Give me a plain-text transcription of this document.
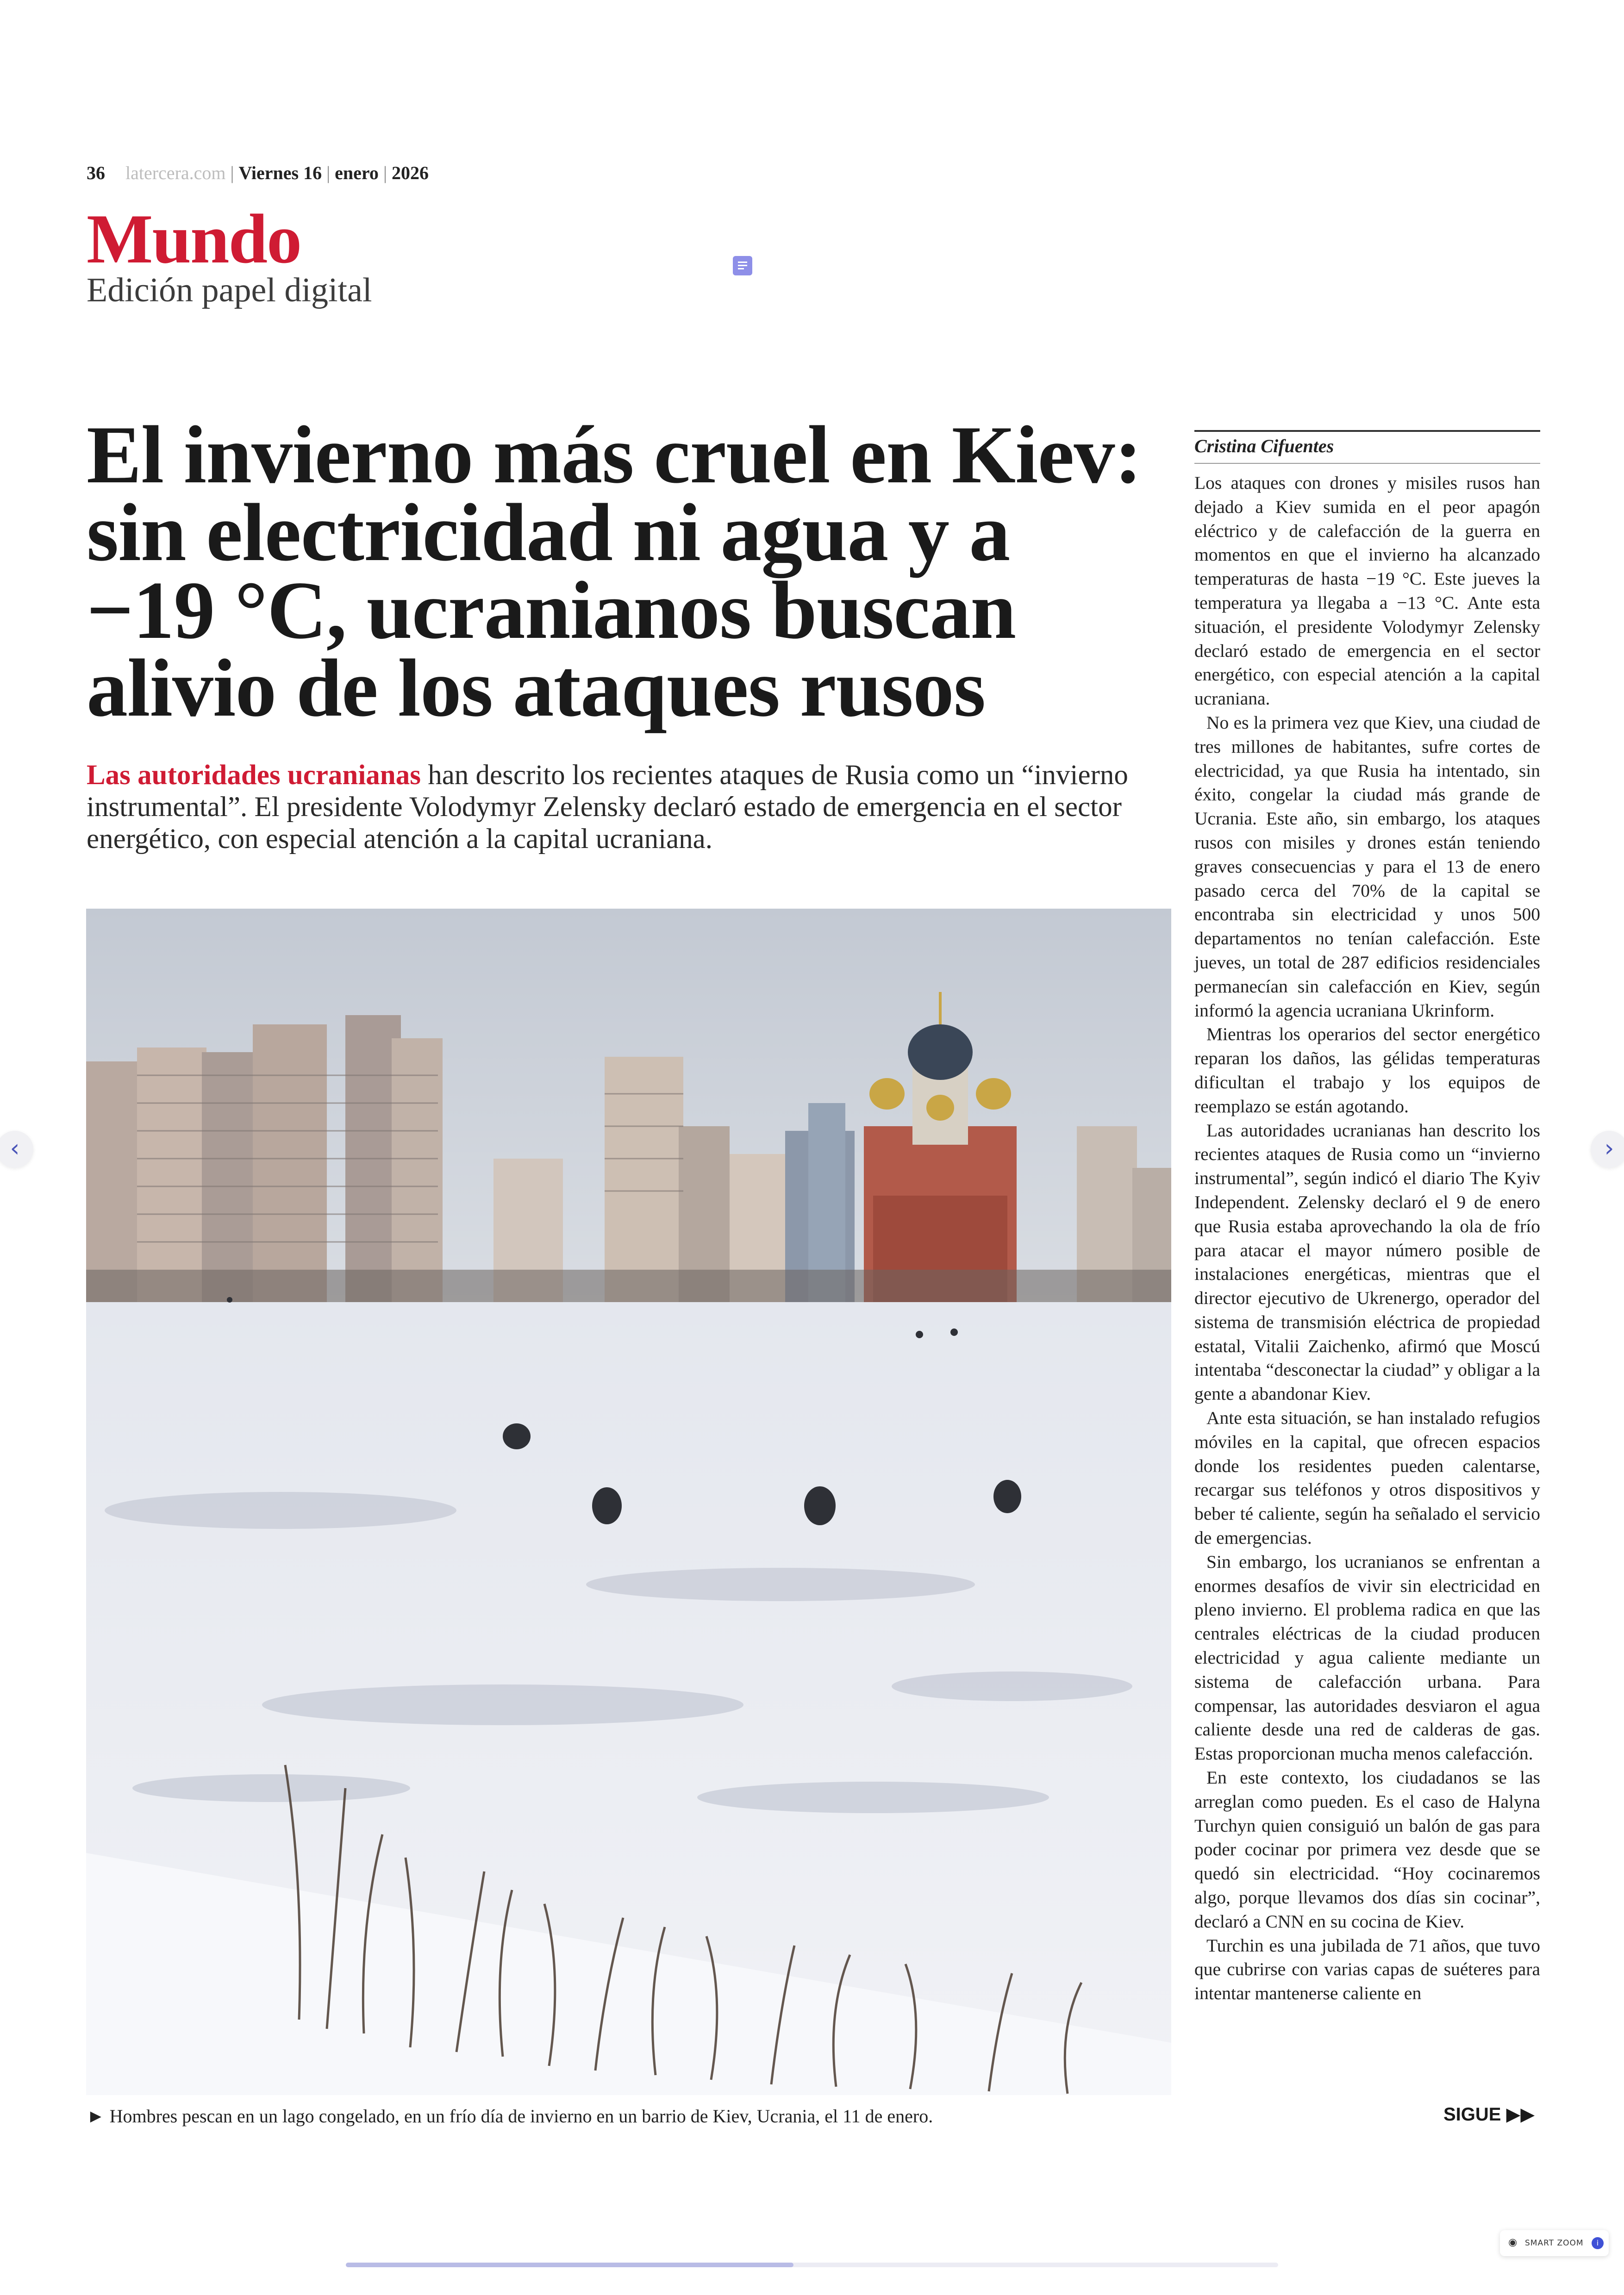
36 latercera.com | Viernes 16 | enero | 2026
Mundo
Edición papel digital
El invierno más cruel en Kiev: sin electricidad ni agua y a −19 °C, ucranianos buscan alivio de los ataques rusos
Las autoridades ucranianas han descrito los recientes ataques de Rusia como un “invierno instrumental”. El presidente Volodymyr Zelensky declaró estado de emergencia en el sector energético, con especial atención a la capital ucraniana.
► Hombres pescan en un lago congelado, en un frío día de invierno en un barrio de Kiev, Ucrania, el 11 de enero.
Cristina Cifuentes

Los ataques con drones y misiles rusos han dejado a Kiev sumida en el peor apagón eléctrico y de calefacción de la guerra en momentos en que el invierno ha alcanzado temperaturas de hasta −19 °C. Este jueves la temperatura ya llegaba a −13 °C. Ante esta situación, el presidente Volodymyr Zelensky declaró estado de emergencia en el sector energético, con especial atención a la capital ucraniana.

No es la primera vez que Kiev, una ciudad de tres millones de habitantes, sufre cortes de electricidad, ya que Rusia ha intentado, sin éxito, congelar la ciudad más grande de Ucrania. Este año, sin embargo, los ataques rusos con misiles y drones están teniendo graves consecuencias y para el 13 de enero pasado cerca del 70% de la capital se encontraba sin electricidad y unos 500 departamentos no tenían calefacción. Este jueves, un total de 287 edificios residenciales permanecían sin calefacción en Kiev, según informó la agencia ucraniana Ukrinform.

Mientras los operarios del sector energético reparan los daños, las gélidas temperaturas dificultan el trabajo y los equipos de reemplazo se están agotando.

Las autoridades ucranianas han descrito los recientes ataques de Rusia como un “invierno instrumental”, según indicó el diario The Kyiv Independent. Zelensky declaró el 9 de enero que Rusia estaba aprovechando la ola de frío para atacar el mayor número posible de instalaciones energéticas, mientras que el director ejecutivo de Ukrenergo, operador del sistema de transmisión eléctrica de propiedad estatal, Vitalii Zaichenko, afirmó que Moscú intentaba “desconectar la ciudad” y obligar a la gente a abandonar Kiev.

Ante esta situación, se han instalado refugios móviles en la capital, que ofrecen espacios donde los residentes pueden calentarse, recargar sus teléfonos y otros dispositivos y beber té caliente, según ha señalado el servicio de emergencias.

Sin embargo, los ucranianos se enfrentan a enormes desafíos de vivir sin electricidad en pleno invierno. El problema radica en que las centrales eléctricas de la ciudad producen electricidad y agua caliente mediante un sistema de calefacción urbana. Para compensar, las autoridades desviaron el agua caliente desde una red de calderas de gas. Estas proporcionan mucha menos calefacción.

En este contexto, los ciudadanos se las arreglan como pueden. Es el caso de Halyna Turchyn quien consiguió un balón de gas para poder cocinar por primera vez desde que se quedó sin electricidad. “Hoy cocinaremos algo, porque llevamos dos días sin cocinar”, declaró a CNN en su cocina de Kiev.

Turchin es una jubilada de 71 años, que tuvo que cubrirse con varias capas de suéteres para intentar mantenerse caliente en

SIGUE ▶▶
‹	›
◉ SMART ZOOM	i
